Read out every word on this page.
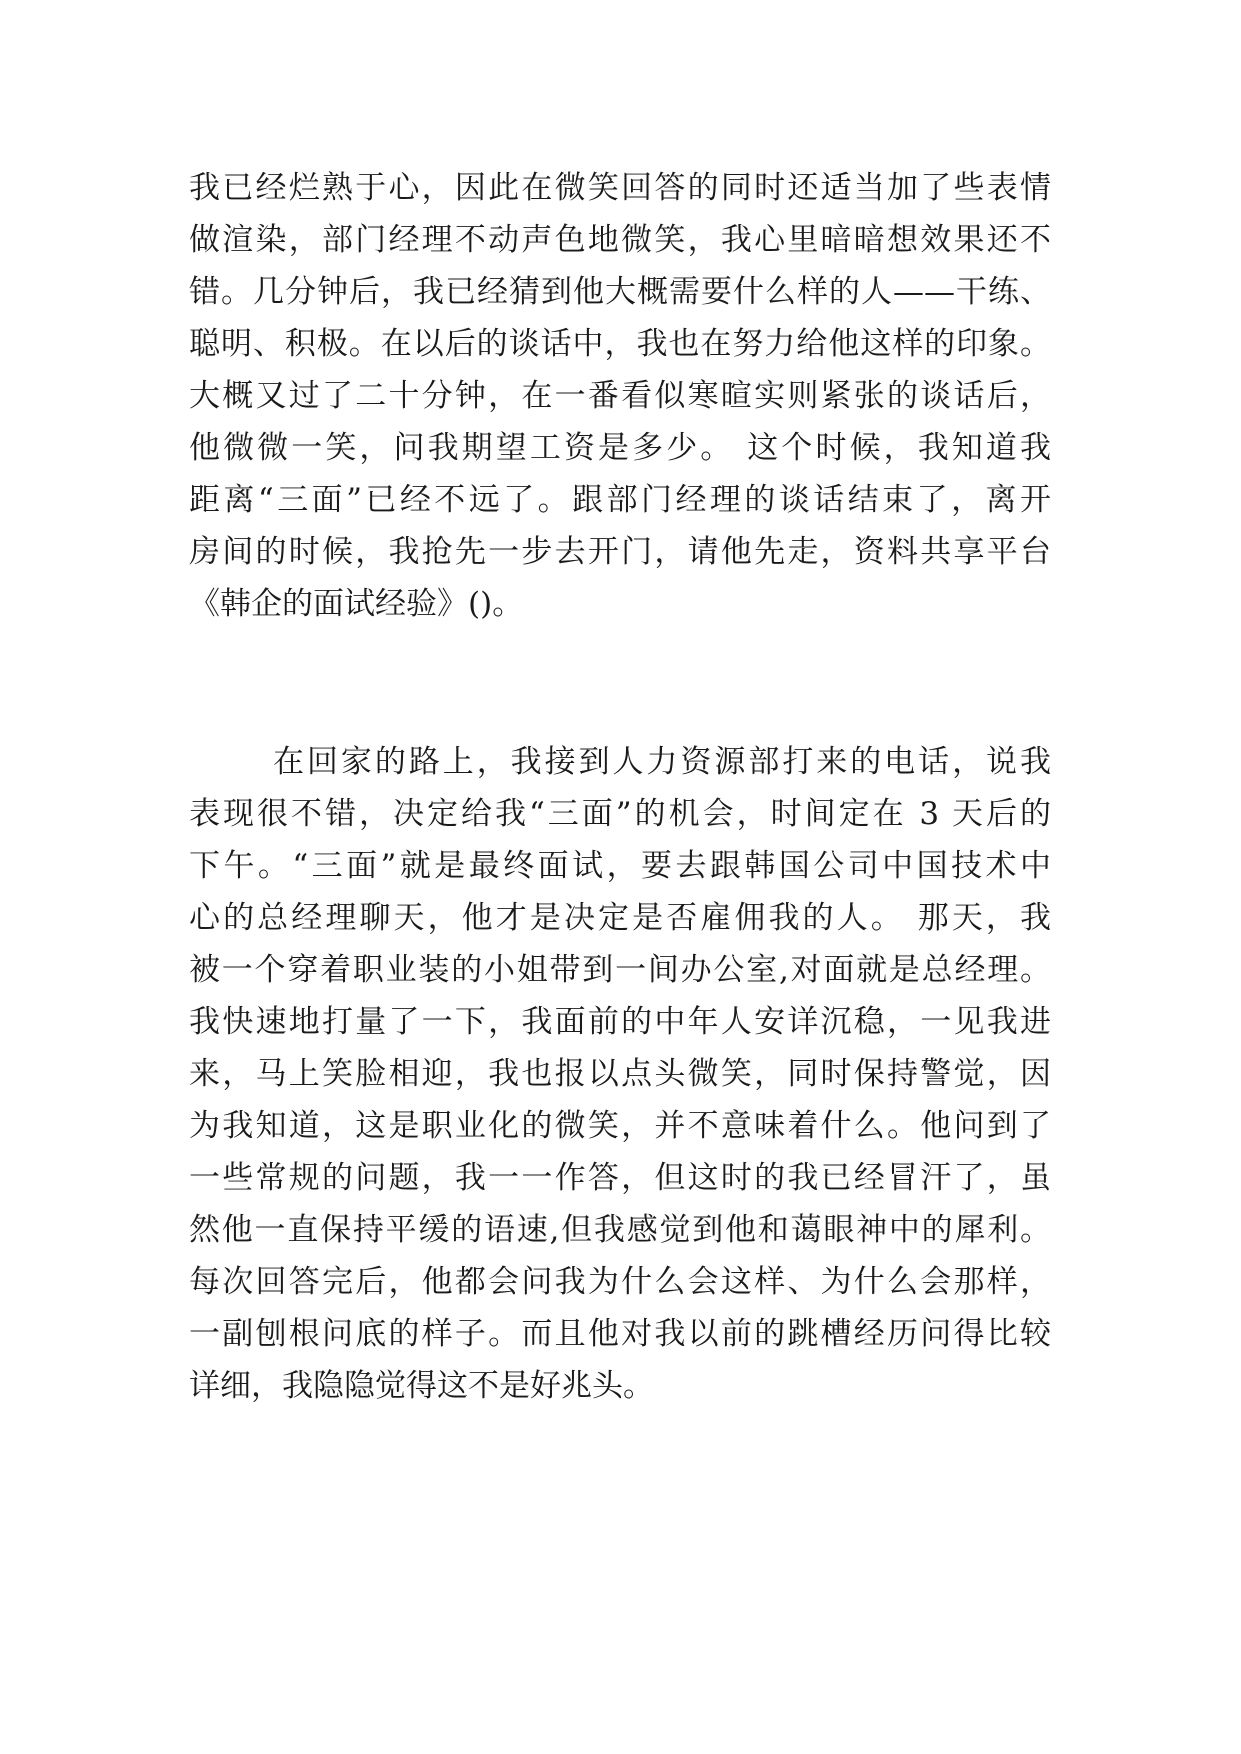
我已经烂熟于心，因此在微笑回答的同时还适当加了些表情
做渲染，部门经理不动声色地微笑，我心里暗暗想效果还不
错。几分钟后，我已经猜到他大概需要什么样的人——干练、
聪明、积极。在以后的谈话中，我也在努力给他这样的印象。
大概又过了二十分钟，在一番看似寒暄实则紧张的谈话后，
他微微一笑，问我期望工资是多少。 这个时候，我知道我
距离“三面”已经不远了。跟部门经理的谈话结束了，离开
房间的时候，我抢先一步去开门，请他先走，资料共享平台
《韩企的面试经验》()。
在回家的路上，我接到人力资源部打来的电话，说我
表现很不错，决定给我“三面”的机会，时间定在 3 天后的
下午。“三面”就是最终面试，要去跟韩国公司中国技术中
心的总经理聊天，他才是决定是否雇佣我的人。 那天，我
被一个穿着职业装的小姐带到一间办公室,对面就是总经理。
我快速地打量了一下，我面前的中年人安详沉稳，一见我进
来，马上笑脸相迎，我也报以点头微笑，同时保持警觉，因
为我知道，这是职业化的微笑，并不意味着什么。他问到了
一些常规的问题，我一一作答，但这时的我已经冒汗了，虽
然他一直保持平缓的语速,但我感觉到他和蔼眼神中的犀利。
每次回答完后，他都会问我为什么会这样、为什么会那样，
一副刨根问底的样子。而且他对我以前的跳槽经历问得比较
详细，我隐隐觉得这不是好兆头。
